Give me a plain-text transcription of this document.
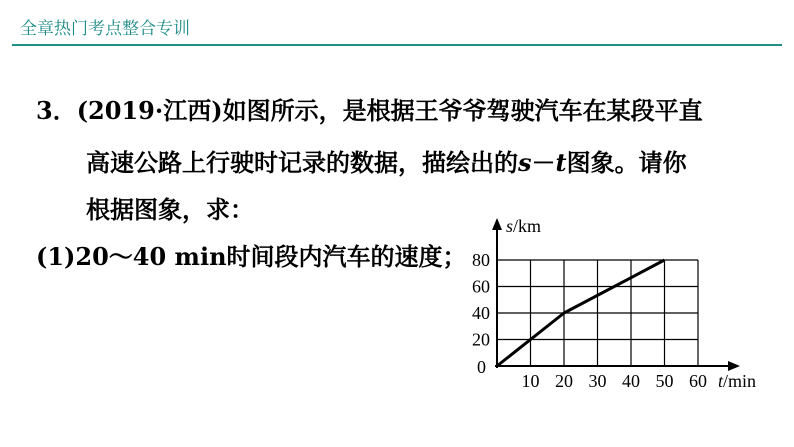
全章热门考点整合专训
3．(2019·江西)如图所示，是根据王爷爷驾驶汽车在某段平直
高速公路上行驶时记录的数据，描绘出的s－t图象。请你
根据图象，求：
(1)20～40 min时间段内汽车的速度；
10 20 30 40 50 60
20
40
60
80
0
s/km
t/min
